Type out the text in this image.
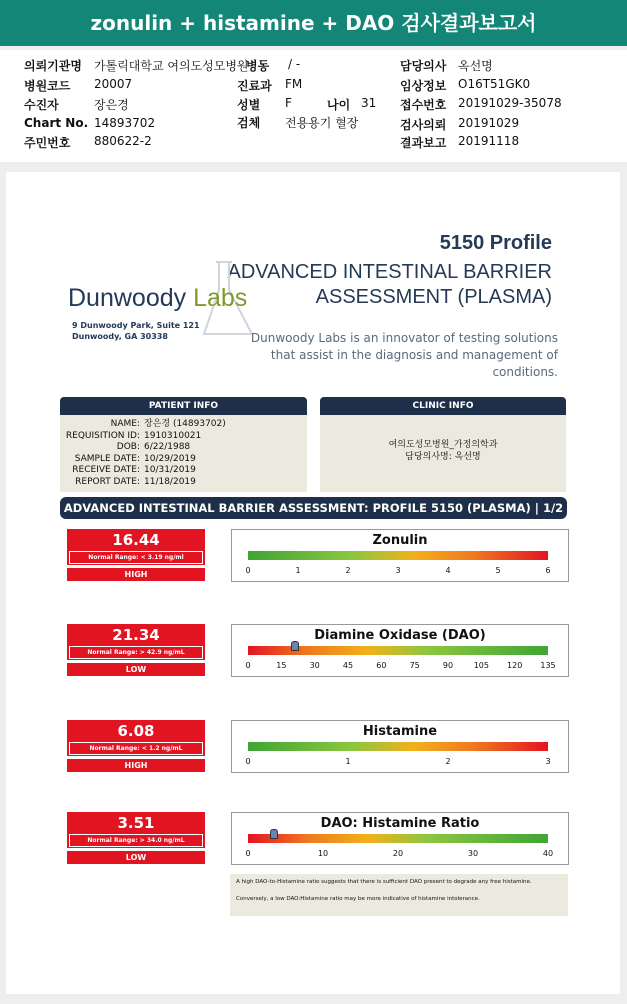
zonulin + histamine + DAO 검사결과보고서
의뢰기관명 가톨릭대학교 여의도성모병원
병원코드 20007
수진자	장은경
Chart No. 14893702
주민번호 880622-2
병동 / -
진료과 FM
성별 F
검체 전용용기 혈장
나이 31
담당의사 옥선명
임상정보 O16T51GK0
접수번호 20191029-35078
검사의뢰 20191029
결과보고 20191118
5150 Profile
ADVANCED INTESTINAL BARRIER
ASSESSMENT (PLASMA)
Dunwoody Labs
9 Dunwoody Park, Suite 121
Dunwoody, GA 30338	Dunwoody Labs is an innovator of testing solutions that assist in the diagnosis and management of conditions.
PATIENT INFO
NAME: 장은경 (14893702)
REQUISITION ID: 1910310021
DOB: 6/22/1988
SAMPLE DATE: 10/29/2019
RECEIVE DATE: 10/31/2019
REPORT DATE: 11/18/2019
CLINIC INFO
여의도성모병원_가정의학과
담당의사명: 옥선명
ADVANCED INTESTINAL BARRIER ASSESSMENT: PROFILE 5150 (PLASMA) | 1/2
16.44
Normal Range: < 3.19 ng/ml
HIGH
Zonulin
0	1	2	3	4	5	6
21.34
Normal Range: > 42.9 ng/mL
LOW
Diamine Oxidase (DAO)
0	15	30	45	60	75	90	105 120 135
6.08
Normal Range: < 1.2 ng/mL
HIGH
Histamine
0	1	2	3
3.51
Normal Range: > 34.0 ng/mL
LOW
DAO: Histamine Ratio
0	10	20	30	40

A high DAO-to-Histamine ratio suggests that there is sufficient DAO present to degrade any free histamine.

Conversely, a low DAO:Histamine ratio may be more indicative of histamine intolerance.
